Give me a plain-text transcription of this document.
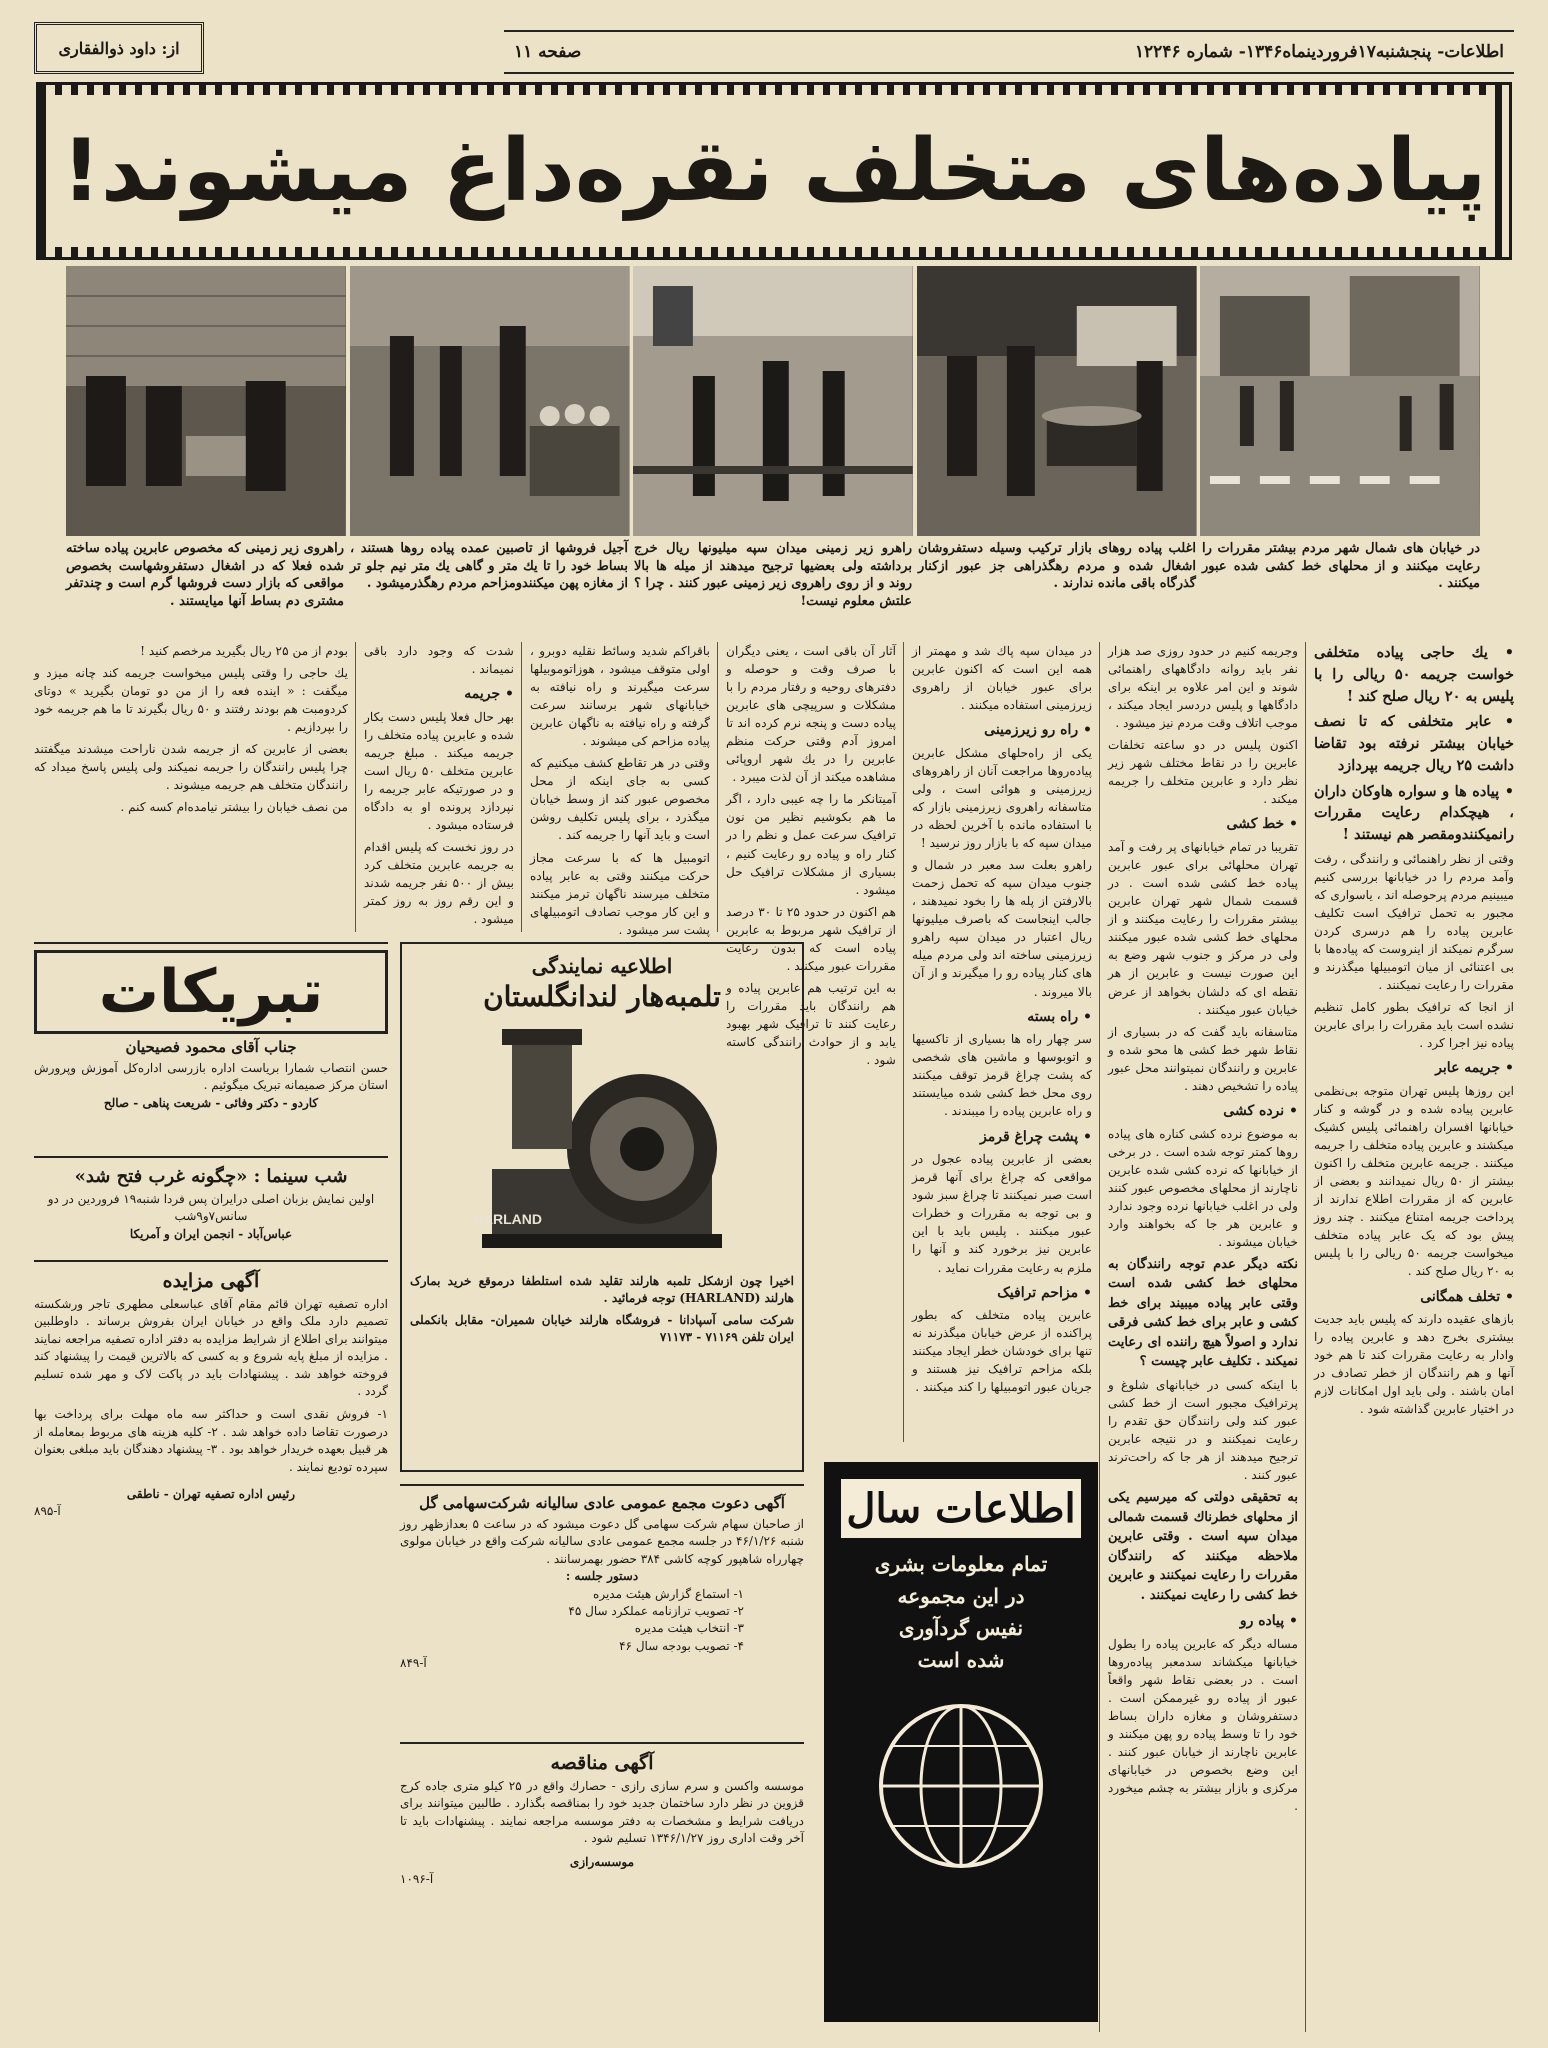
اطلاعات- پنجشنبه۱۷فروردینماه۱۳۴۶- شماره ۱۲۲۴۶
صفحه ۱۱
از: داود ذوالفقاری
پیاده‌های متخلف نقره‌داغ میشوند!
در خیابان های شمال شهر مردم بیشتر مقررات را رعایت میکنند و از محلهای خط کشی شده عبور میکنند .
اغلب پیاده روهای بازار ترکیب وسیله دستفروشان اشغال شده و مردم رهگذراهی جز عبور ازکنار گذرگاه باقی مانده ندارند .
راهرو زیر زمینی میدان سپه میلیونها ریال خرج برداشته ولی بعضیها ترجیح میدهند از میله ها بالا روند و از روی راهروی زیر زمینی عبور کنند . چرا ؟ علتش معلوم نیست!
آجیل فروشها از تاصبین عمده پیاده روها هستند ، بساط خود را تا یك متر و گاهی یك متر نیم جلو تر از مغازه پهن میکنندومزاحم مردم رهگذرمیشود .
راهروی زیر زمینی که مخصوص عابرین پیاده ساخته شده فعلا که در اشغال دستفروشهاست بخصوص مواقعی که بازار دست فروشها گرم است و چندتفر مشتری دم بساط آنها میایستند .

• یك حاجی پیاده متخلفی خواست جریمه ۵۰ ریالی را با پلیس به ۲۰ ریال صلح کند !

• عابر متخلفی که تا نصف خیابان بیشتر نرفته بود تقاضا داشت ۲۵ ریال جریمه بپردازد

• پیاده ها و سواره هاوکان داران ، هیچکدام رعایت مقررات رانمیکنندومقصر هم نیستند !

وقتی از نظر راهنمائی و رانندگی ، رفت وآمد مردم را در خیابانها بررسی کنیم میبینیم مردم پرحوصله اند ، یاسواری که مجبور به تحمل ترافیک است تکلیف عابرین پیاده را هم درسری کردن سرگرم نمیکند از اینروست که پیاده‌ها با بی اعتنائی از میان اتومبیلها میگذرند و مقررات را رعایت نمیکنند .

از انجا که ترافیک بطور کامل تنظیم نشده است باید مقررات را برای عابرین پیاده نیز اجرا کرد .

• جریمه عابر

این روزها پلیس تهران متوجه بی‌نظمی عابرین پیاده شده و در گوشه و کنار خیابانها افسران راهنمائی پلیس کشیک میکشند و عابرین پیاده متخلف را جریمه میکنند . جریمه عابرین متخلف را اکنون بیشتر از ۵۰ ریال نمیدانند و بعضی از عابرین که از مقررات اطلاع ندارند از پرداخت جریمه امتناع میکنند . چند روز پیش بود که یک عابر پیاده متخلف میخواست جریمه ۵۰ ریالی را با پلیس به ۲۰ ریال صلح کند .

• تخلف همگانی

بازهای عقیده دارند که پلیس باید جدیت بیشتری بخرج دهد و عابرین پیاده را وادار به رعایت مقررات کند تا هم خود آنها و هم رانندگان از خطر تصادف در امان باشند . ولی باید اول امکانات لازم در اختیار عابرین گذاشته شود .

وجریمه کنیم در حدود روزی صد هزار نفر باید روانه دادگاههای راهنمائی شوند و این امر علاوه بر اینکه برای دادگاهها و پلیس دردسر ایجاد میکند ، موجب اتلاف وقت مردم نیز میشود .

اکنون پلیس در دو ساعته تخلفات عابرین را در نقاط مختلف شهر زیر نظر دارد و عابرین متخلف را جریمه میکند .

• خط کشی

تقریبا در تمام خیابانهای پر رفت و آمد تهران محلهائی برای عبور عابرین پیاده خط کشی شده است . در قسمت شمال شهر تهران عابرین بیشتر مقررات را رعایت میکنند و از محلهای خط کشی شده عبور میکنند ولی در مرکز و جنوب شهر وضع به این صورت نیست و عابرین از هر نقطه ای که دلشان بخواهد از عرض خیابان عبور میکنند .

متاسفانه باید گفت که در بسیاری از نقاط شهر خط کشی ها محو شده و عابرین و رانندگان نمیتوانند محل عبور پیاده را تشخیص دهند .

• نرده کشی

به موضوع نرده کشی کناره های پیاده روها کمتر توجه شده است . در برخی از خیابانها که نرده کشی شده عابرین ناچارند از محلهای مخصوص عبور کنند ولی در اغلب خیابانها نرده وجود ندارد و عابرین هر جا که بخواهند وارد خیابان میشوند .

نکته دیگر عدم توجه رانندگان به محلهای خط کشی شده است وقتی عابر پیاده میبیند برای خط کشی و عابر برای خط کشی فرقی ندارد و اصولاً هیچ راننده ای رعایت نمیکند . تکلیف عابر چیست ؟

با اینکه کسی در خیابانهای شلوغ و پرترافیک مجبور است از خط کشی عبور کند ولی رانندگان حق تقدم را رعایت نمیکنند و در نتیجه عابرین ترجیح میدهند از هر جا که راحت‌ترند عبور کنند .

به تحقیقی دولتی که میرسیم یکی از محلهای خطرناك قسمت شمالی میدان سپه است . وقتی عابرین ملاحظه میکنند که رانندگان مقررات را رعایت نمیکنند و عابرین خط کشی را رعایت نمیکنند .

• پیاده رو

مساله دیگر که عابرین پیاده را بطول خیابانها میکشاند سدمعبر پیاده‌روها است . در بعضی نقاط شهر واقعاً عبور از پیاده رو غیرممکن است . دستفروشان و مغازه داران بساط خود را تا وسط پیاده رو پهن میکنند و عابرین ناچارند از خیابان عبور کنند . این وضع بخصوص در خیابانهای مرکزی و بازار بیشتر به چشم میخورد .

در میدان سپه پاك شد و مهمتر از همه این است که اکنون عابرین برای عبور خیابان از راهروی زیرزمینی استفاده میکنند .

• راه رو زیرزمینی

یکی از راه‌حلهای مشکل عابرین پیاده‌روها مراجعت آنان از راهروهای زیرزمینی و هوائی است ، ولی متاسفانه راهروی زیرزمینی بازار که با استفاده مانده با آخرین لحظه در میدان سپه که با بازار روز نرسید !

راهرو بعلت سد معبر در شمال و جنوب میدان سپه که تحمل زحمت بالارفتن از پله ها را بخود نمیدهند ، جالب اینجاست که باصرف میلیونها ریال اعتبار در میدان سپه راهرو زیرزمینی ساخته اند ولی مردم میله های کنار پیاده رو را میگیرند و از آن بالا میروند .

• راه بسته

سر چهار راه ها بسیاری از تاکسیها و اتوبوسها و ماشین های شخصی که پشت چراغ قرمز توقف میکنند روی محل خط کشی شده میایستند و راه عابرین پیاده را میبندند .

• پشت چراغ قرمز

بعضی از عابرین پیاده عجول در مواقعی که چراغ برای آنها قرمز است صبر نمیکنند تا چراغ سبز شود و بی توجه به مقررات و خطرات عبور میکنند . پلیس باید با این عابرین نیز برخورد کند و آنها را ملزم به رعایت مقررات نماید .

• مزاحم ترافیک

عابرین پیاده متخلف که بطور پراکنده از عرض خیابان میگذرند نه تنها برای خودشان خطر ایجاد میکنند بلکه مزاحم ترافیک نیز هستند و جریان عبور اتومبیلها را کند میکنند .

آثار آن باقی است ، یعنی دیگران با صرف وقت و حوصله و دفترهای روحیه و رفتار مردم را با مشکلات و سرپیچی های عابرین پیاده دست و پنجه نرم کرده اند تا امروز آدم وقتی حرکت منظم عابرین را در یك شهر اروپائی مشاهده میکند از آن لذت میبرد .

آمیتانکر ما را چه عیبی دارد ، اگر ما هم بکوشیم نظیر من نون ترافیک سرعت عمل و نظم را در کنار راه و پیاده رو رعایت کنیم ، بسیاری از مشکلات ترافیک حل میشود .

هم اکنون در حدود ۲۵ تا ۳۰ درصد از ترافیک شهر مربوط به عابرین پیاده است که بدون رعایت مقررات عبور میکنند .

به این ترتیب هم عابرین پیاده و هم رانندگان باید مقررات را رعایت کنند تا ترافیک شهر بهبود یابد و از حوادث رانندگی کاسته شود .

باقراکم شدید وسائط نقلیه دوبرو ، اولی متوقف میشود ، هوزاتوموبیلها سرعت میگیرند و راه نیافته به خیابانهای شهر برسانند سرعت گرفته و راه نیافته به ناگهان عابرین پیاده مزاحم کی میشوند .

وقتی در هر تقاطع کشف میکنیم که کسی به جای اینکه از محل مخصوص عبور کند از وسط خیابان میگذرد ، برای پلیس تکلیف روشن است و باید آنها را جریمه کند .

اتومبیل ها که با سرعت مجاز حرکت میکنند وقتی به عابر پیاده متخلف میرسند ناگهان ترمز میکنند و این کار موجب تصادف اتومبیلهای پشت سر میشود .

شدت که وجود دارد باقی نمیماند .

• جریمه

بهر حال فعلا پلیس دست بکار شده و عابرین پیاده متخلف را جریمه میکند . مبلغ جریمه عابرین متخلف ۵۰ ریال است و در صورتیکه عابر جریمه را نپردازد پرونده او به دادگاه فرستاده میشود .

در روز نخست که پلیس اقدام به جریمه عابرین متخلف کرد بیش از ۵۰۰ نفر جریمه شدند و این رقم روز به روز کمتر میشود .

بودم از من ۲۵ ریال بگیرید مرخصم کنید !

یك حاجی را وقتی پلیس میخواست جریمه کند چانه میزد و میگفت : « اینده فعه را از من دو تومان بگیرید » دوتای کردومبت هم بودند رفتند و ۵۰ ریال بگیرند تا ما هم جریمه خود را بپردازیم .

بعضی از عابرین که از جریمه شدن ناراحت میشدند میگفتند چرا پلیس رانندگان را جریمه نمیکند ولی پلیس پاسخ میداد که رانندگان متخلف هم جریمه میشوند .

من نصف خیابان را بیشتر نیامده‌ام کسه کنم .

تبریکات
جناب آقای محمود فصیحیان
حسن انتصاب شمارا بریاست اداره بازرسی اداره‌کل آموزش وپرورش استان مرکز صمیمانه تبریک میگوئیم .
کاردو - دکتر وفائی - شریعت پناهی - صالح
شب سینما : «چگونه غرب فتح شد»
اولین نمایش بزبان اصلی درایران پس فردا شنبه۱۹ فروردین در دو سانس۷و۹شب
عباس‌آباد - انجمن ایران و آمریکا
آگهی مزایده
اداره تصفیه تهران قائم مقام آقای عباسعلی مطهری تاجر ورشکسته تصمیم دارد ملک واقع در خیابان ایران بفروش برساند . داوطلبین میتوانند برای اطلاع از شرایط مزایده به دفتر اداره تصفیه مراجعه نمایند . مزایده از مبلغ پایه شروع و به کسی که بالاترین قیمت را پیشنهاد کند فروخته خواهد شد . پیشنهادات باید در پاکت لاک و مهر شده تسلیم گردد .
۱- فروش نقدی است و حداکثر سه ماه مهلت برای پرداخت بها درصورت تقاضا داده خواهد شد . ۲- کلیه هزینه های مربوط بمعامله از هر قبیل بعهده خریدار خواهد بود . ۳- پیشنهاد دهندگان باید مبلغی بعنوان سپرده تودیع نمایند .
رئیس اداره تصفیه تهران - ناطقی
آ-۸۹۵
اطلاعیه نمایندگی
تلمبه‌هار لندانگلستان
HARLAND
اخیرا چون ازشکل تلمبه هارلند تقلید شده استلطفا درموقع خرید بمارک هارلند (HARLAND) توجه فرمائید .
شرکت سامی آسپادانا - فروشگاه هارلند خیابان شمیران- مقابل بانکملی ایران تلفن ۷۱۱۶۹ - ۷۱۱۷۳
آگهی دعوت مجمع عمومی عادی سالیانه شرکت‌سهامی گل
از صاحبان سهام شرکت سهامی گل دعوت میشود که در ساعت ۵ بعدازظهر روز شنبه ۴۶/۱/۲۶ در جلسه مجمع عمومی عادی سالیانه شرکت واقع در خیابان مولوی چهارراه شاهپور کوچه کاشی ۳۸۴ حضور بهمرسانند .
دستور جلسه :
۱- استماع گزارش هیئت مدیره
۲- تصویب ترازنامه عملکرد سال ۴۵
۳- انتخاب هیئت مدیره
۴- تصویب بودجه سال ۴۶
آ-۸۴۹
آگهی مناقصه
موسسه واکسن و سرم سازی رازی - حصارك واقع در ۲۵ کیلو متری جاده کرج قزوین در نظر دارد ساختمان جدید خود را بمناقصه بگذارد . طالبین میتوانند برای دریافت شرایط و مشخصات به دفتر موسسه مراجعه نمایند . پیشنهادات باید تا آخر وقت اداری روز ۱۳۴۶/۱/۲۷ تسلیم شود .
موسسه‌رازی
آ-۱۰۹۶
اطلاعات سال
تمام معلومات بشری
در این مجموعه
نفیس گردآوری
شده است
